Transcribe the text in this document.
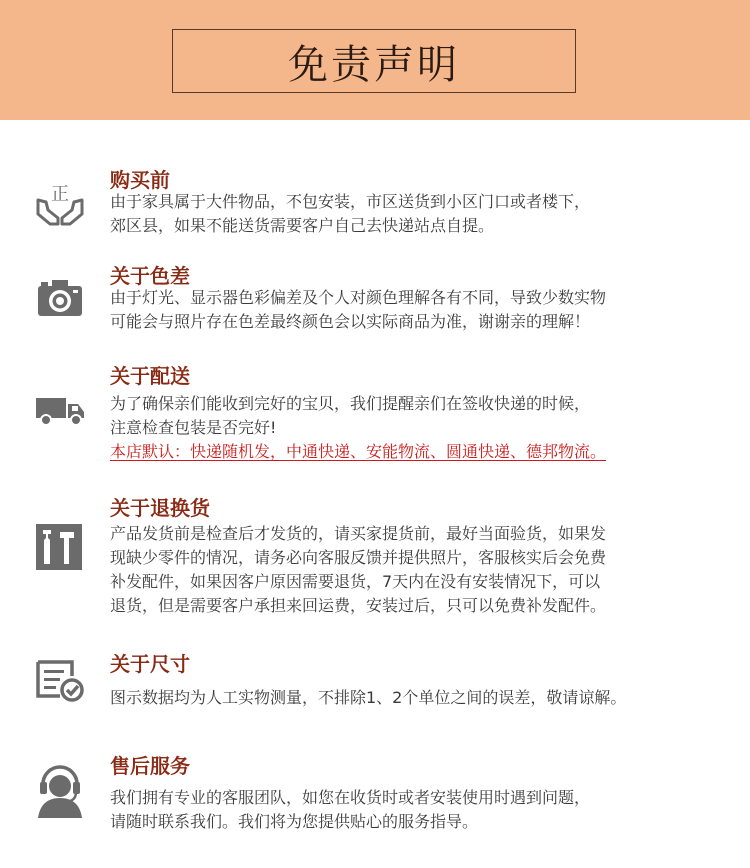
免责声明
正
购买前

由于家具属于大件物品，不包安装，市区送货到小区门口或者楼下，

郊区县，如果不能送货需要客户自己去快递站点自提。

关于色差

由于灯光、显示器色彩偏差及个人对颜色理解各有不同，导致少数实物

可能会与照片存在色差最终颜色会以实际商品为准，谢谢亲的理解！

关于配送

为了确保亲们能收到完好的宝贝，我们提醒亲们在签收快递的时候，

注意检查包装是否完好!

本店默认：快递随机发，中通快递、安能物流、圆通快递、德邦物流。

关于退换货

产品发货前是检查后才发货的，请买家提货前，最好当面验货，如果发

现缺少零件的情况，请务必向客服反馈并提供照片，客服核实后会免费

补发配件，如果因客户原因需要退货，7天内在没有安装情况下，可以

退货，但是需要客户承担来回运费，安装过后，只可以免费补发配件。

关于尺寸

图示数据均为人工实物测量，不排除1、2个单位之间的误差，敬请谅解。

售后服务

我们拥有专业的客服团队，如您在收货时或者安装使用时遇到问题，

请随时联系我们。我们将为您提供贴心的服务指导。
